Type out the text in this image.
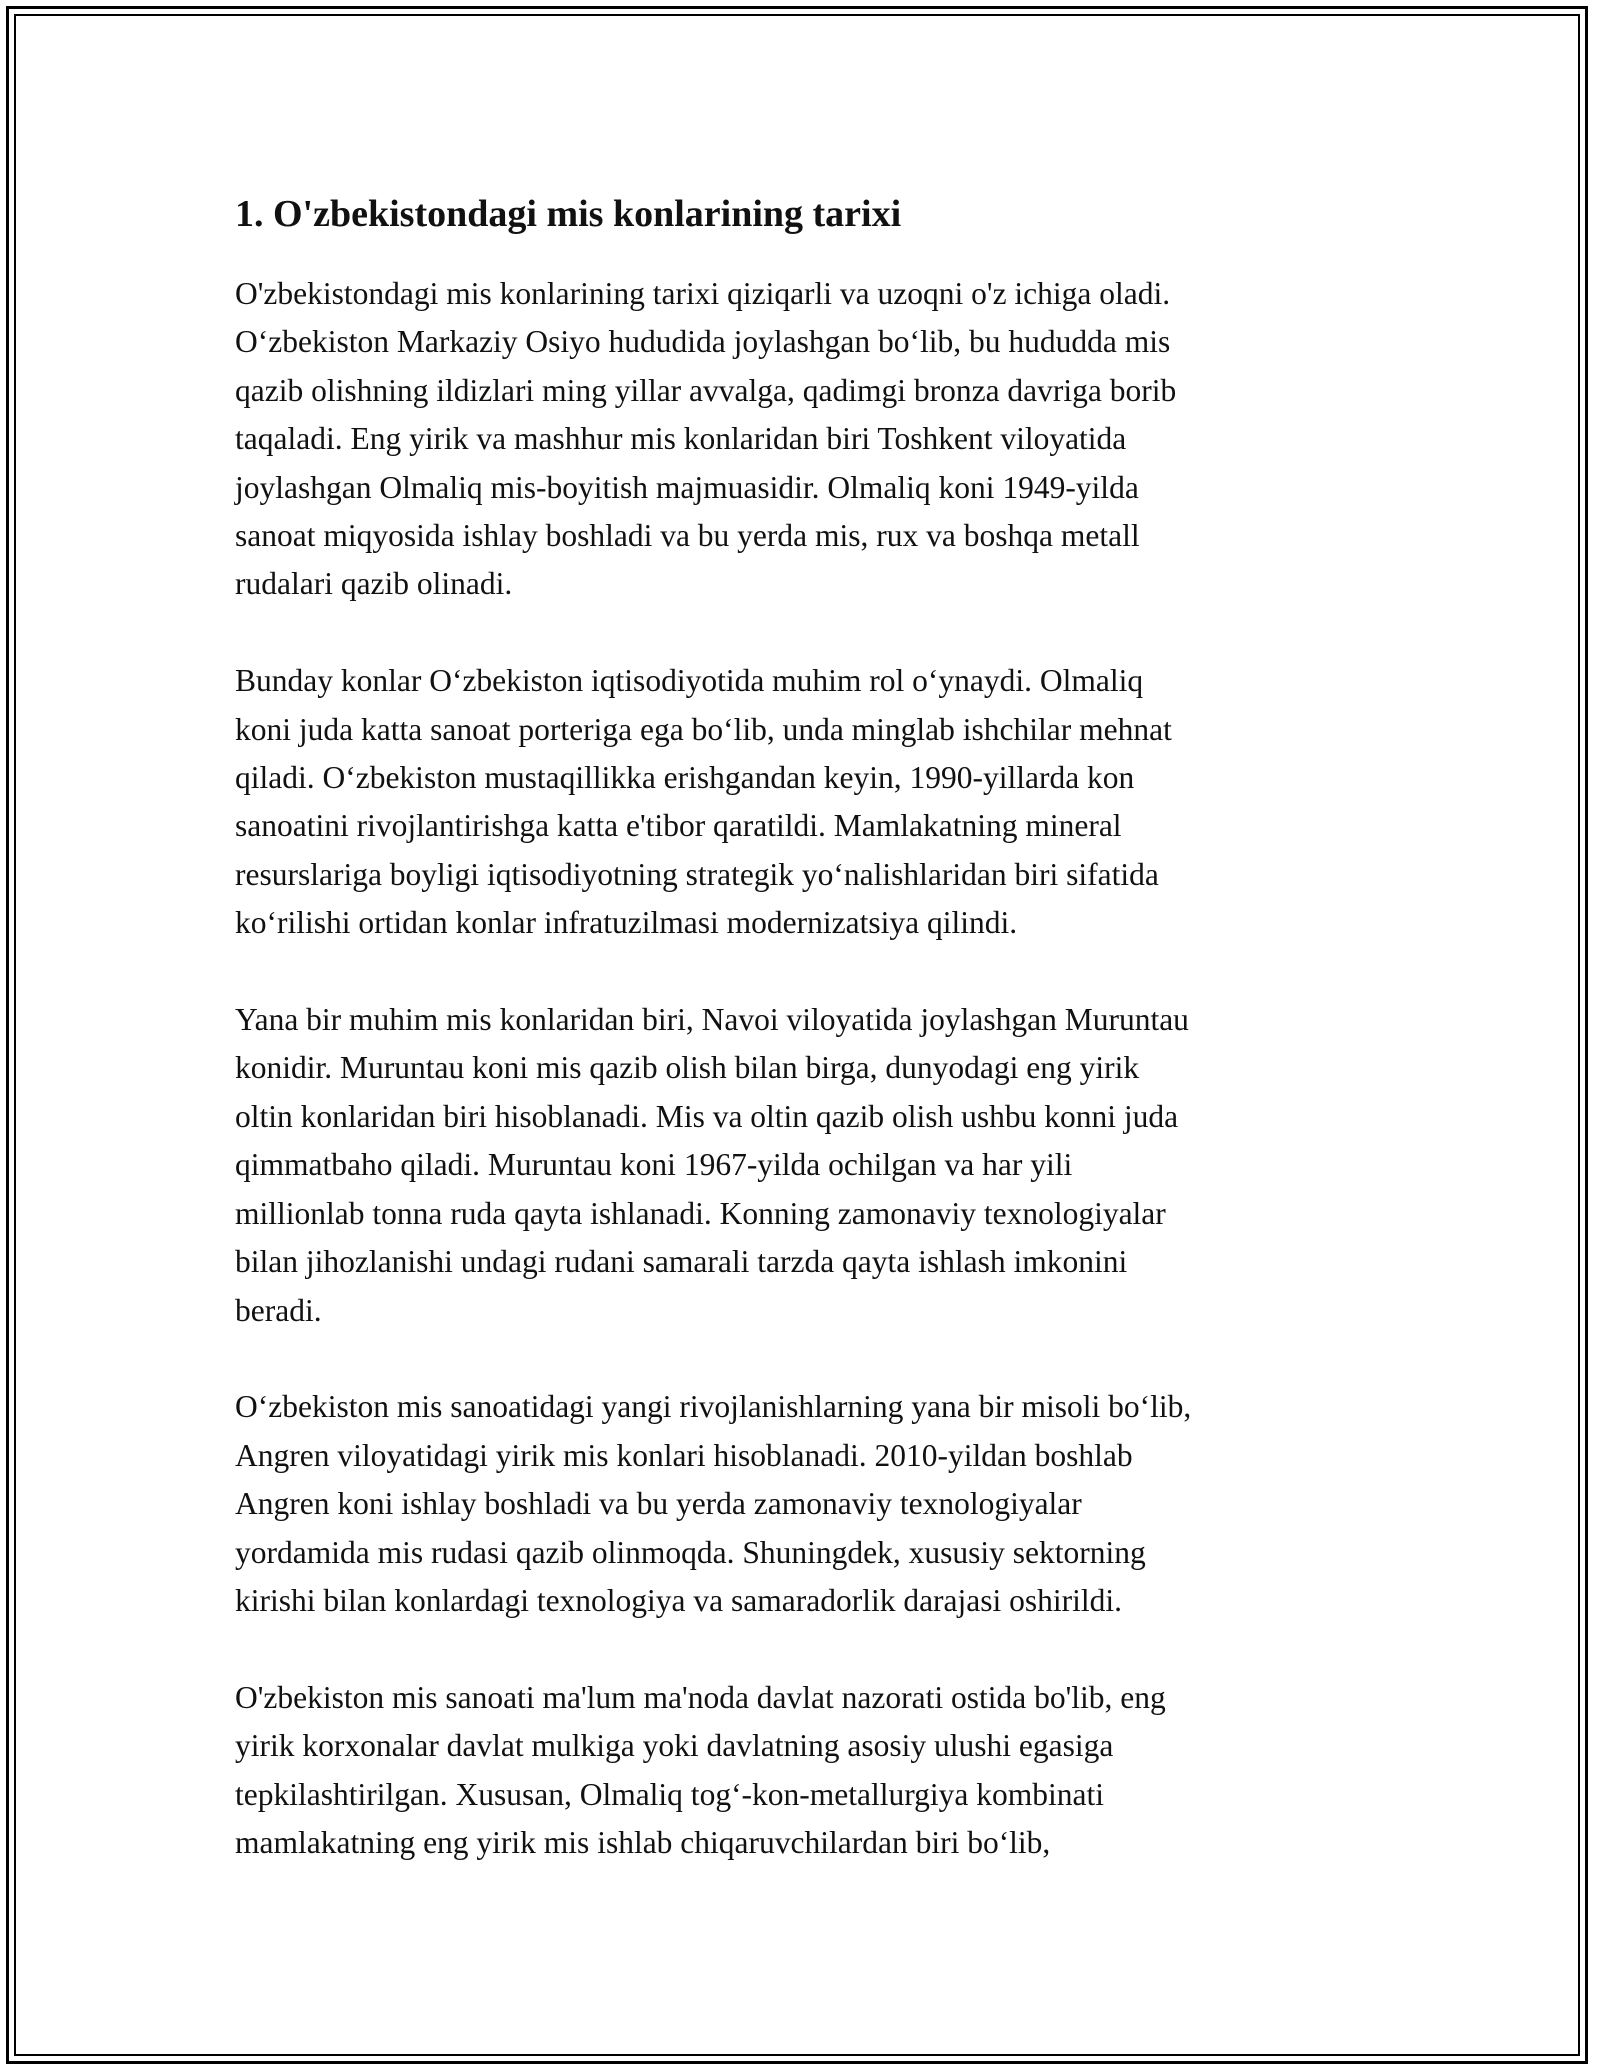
1. O'zbekistondagi mis konlarining tarixi

O'zbekistondagi mis konlarining tarixi qiziqarli va uzoqni o'z ichiga oladi.
O‘zbekiston Markaziy Osiyo hududida joylashgan bo‘lib, bu hududda mis
qazib olishning ildizlari ming yillar avvalga, qadimgi bronza davriga borib
taqaladi. Eng yirik va mashhur mis konlaridan biri Toshkent viloyatida
joylashgan Olmaliq mis-boyitish majmuasidir. Olmaliq koni 1949-yilda
sanoat miqyosida ishlay boshladi va bu yerda mis, rux va boshqa metall
rudalari qazib olinadi.

Bunday konlar O‘zbekiston iqtisodiyotida muhim rol o‘ynaydi. Olmaliq
koni juda katta sanoat porteriga ega bo‘lib, unda minglab ishchilar mehnat
qiladi. O‘zbekiston mustaqillikka erishgandan keyin, 1990-yillarda kon
sanoatini rivojlantirishga katta e'tibor qaratildi. Mamlakatning mineral
resurslariga boyligi iqtisodiyotning strategik yo‘nalishlaridan biri sifatida
ko‘rilishi ortidan konlar infratuzilmasi modernizatsiya qilindi.

Yana bir muhim mis konlaridan biri, Navoi viloyatida joylashgan Muruntau
konidir. Muruntau koni mis qazib olish bilan birga, dunyodagi eng yirik
oltin konlaridan biri hisoblanadi. Mis va oltin qazib olish ushbu konni juda
qimmatbaho qiladi. Muruntau koni 1967-yilda ochilgan va har yili
millionlab tonna ruda qayta ishlanadi. Konning zamonaviy texnologiyalar
bilan jihozlanishi undagi rudani samarali tarzda qayta ishlash imkonini
beradi.

O‘zbekiston mis sanoatidagi yangi rivojlanishlarning yana bir misoli bo‘lib,
Angren viloyatidagi yirik mis konlari hisoblanadi. 2010-yildan boshlab
Angren koni ishlay boshladi va bu yerda zamonaviy texnologiyalar
yordamida mis rudasi qazib olinmoqda. Shuningdek, xususiy sektorning
kirishi bilan konlardagi texnologiya va samaradorlik darajasi oshirildi.

O'zbekiston mis sanoati ma'lum ma'noda davlat nazorati ostida bo'lib, eng
yirik korxonalar davlat mulkiga yoki davlatning asosiy ulushi egasiga
tepkilashtirilgan. Xususan, Olmaliq tog‘-kon-metallurgiya kombinati
mamlakatning eng yirik mis ishlab chiqaruvchilardan biri bo‘lib,
